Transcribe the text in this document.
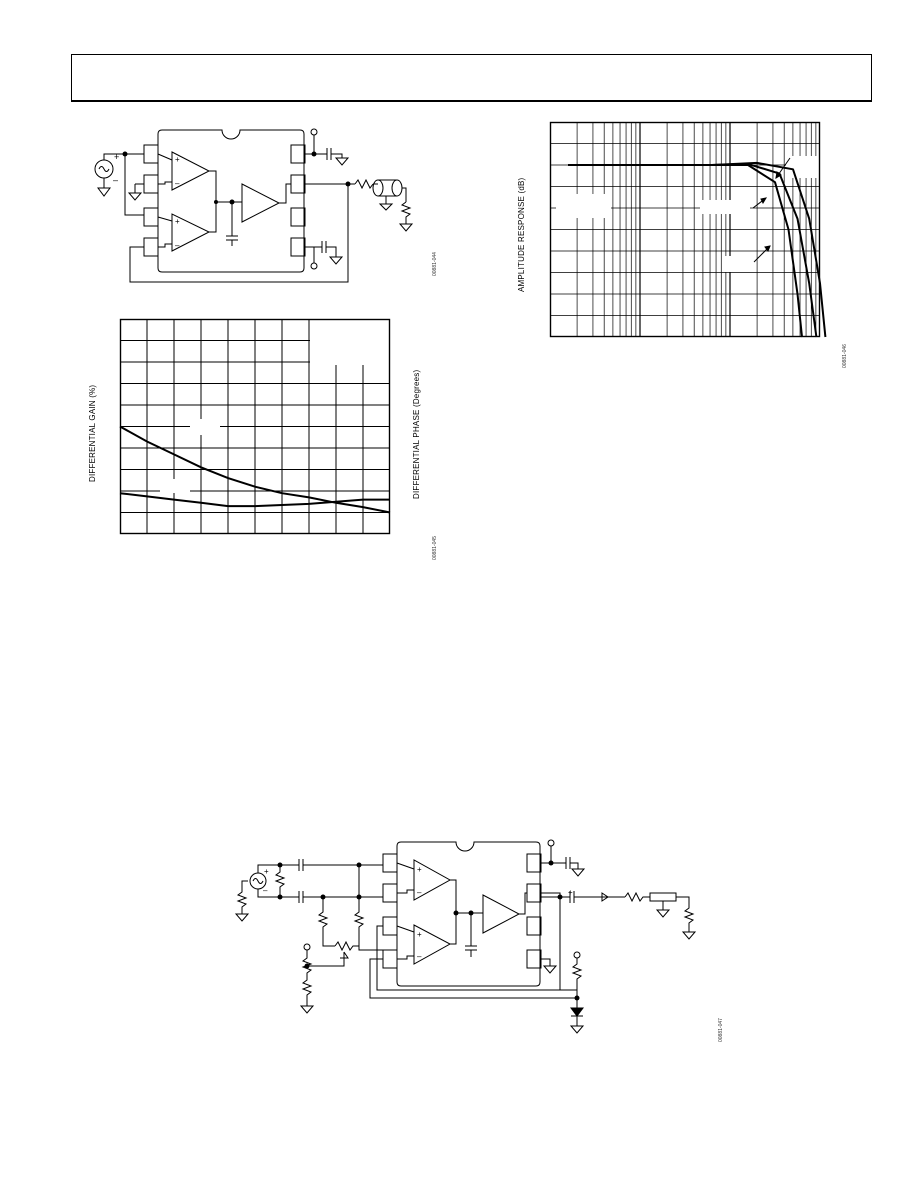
+
–
+
–
+
–
00881-044
DIFFERENTIAL GAIN (%)	DIFFERENTIAL PHASE (Degrees)
00881-045
AMPLITUDE RESPONSE (dB)
00881-046
+
–
+
–
+
–
+
00881-047
